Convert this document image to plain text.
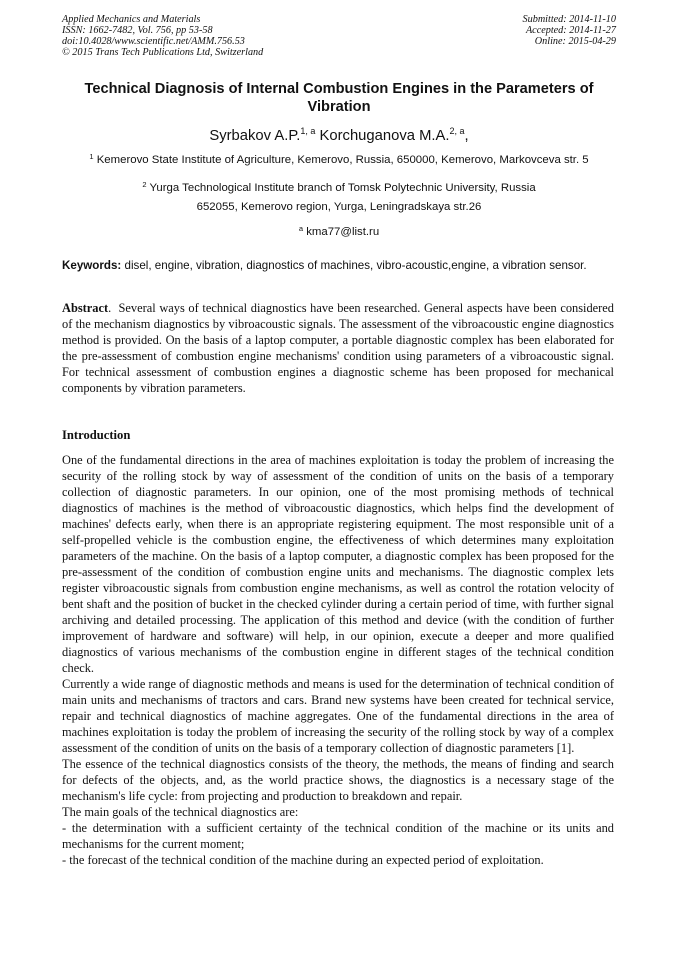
Applied Mechanics and Materials
ISSN: 1662-7482, Vol. 756, pp 53-58
doi:10.4028/www.scientific.net/AMM.756.53
© 2015 Trans Tech Publications Ltd, Switzerland
Submitted: 2014-11-10
Accepted: 2014-11-27
Online: 2015-04-29
Technical Diagnosis of Internal Combustion Engines in the Parameters of Vibration
Syrbakov A.P.$^{1, a}$ Korchuganova M.A.$^{2, a}$,
$^1$ Kemerovo State Institute of Agriculture, Kemerovo, Russia, 650000, Kemerovo, Markovceva str. 5
$^2$ Yurga Technological Institute branch of Tomsk Polytechnic University, Russia
652055, Kemerovo region, Yurga, Leningradskaya str.26
$^a$ kma77@list.ru
Keywords: disel, engine, vibration, diagnostics of machines, vibro-acoustic,engine, a vibration sensor.
Abstract.  Several ways of technical diagnostics have been researched. General aspects have been considered of the mechanism diagnostics by vibroacoustic signals. The assessment of the vibroacoustic engine diagnostics method is provided. On the basis of a laptop computer, a portable diagnostic complex has been elaborated for the pre-assessment of combustion engine mechanisms' condition using parameters of a vibroacoustic signal. For technical assessment of combustion engines a diagnostic scheme has been proposed for mechanical components by vibration parameters.
Introduction

One of the fundamental directions in the area of machines exploitation is today the problem of increasing the security of the rolling stock by way of assessment of the condition of units on the basis of a temporary collection of diagnostic parameters. In our opinion, one of the most promising methods of technical diagnostics of machines is the method of vibroacoustic diagnostics, which helps find the development of machines' defects early, when there is an appropriate registering equipment. The most responsible unit of a self-propelled vehicle is the combustion engine, the effectiveness of which determines many exploitation parameters of the machine. On the basis of a laptop computer, a diagnostic complex has been proposed for the pre-assessment of the condition of combustion engine units and mechanisms. The diagnostic complex lets register vibroacoustic signals from combustion engine mechanisms, as well as control the rotation velocity of bent shaft and the position of bucket in the checked cylinder during a certain period of time, with further signal archiving and detailed processing. The application of this method and device (with the condition of further improvement of hardware and software) will help, in our opinion, execute a deeper and more qualified diagnostics of various mechanisms of the combustion engine in different stages of the technical condition check.

Currently a wide range of diagnostic methods and means is used for the determination of technical condition of main units and mechanisms of tractors and cars. Brand new systems have been created for technical service, repair and technical diagnostics of machine aggregates. One of the fundamental directions in the area of machines exploitation is today the problem of increasing the security of the rolling stock by way of a complex assessment of the condition of units on the basis of a temporary collection of diagnostic parameters [1].

The essence of the technical diagnostics consists of the theory, the methods, the means of finding and search for defects of the objects, and, as the world practice shows, the diagnostics is a necessary stage of the mechanism's life cycle: from projecting and production to breakdown and repair.

The main goals of the technical diagnostics are:

- the determination with a sufficient certainty of the technical condition of the machine or its units and mechanisms for the current moment;

- the forecast of the technical condition of the machine during an expected period of exploitation.
